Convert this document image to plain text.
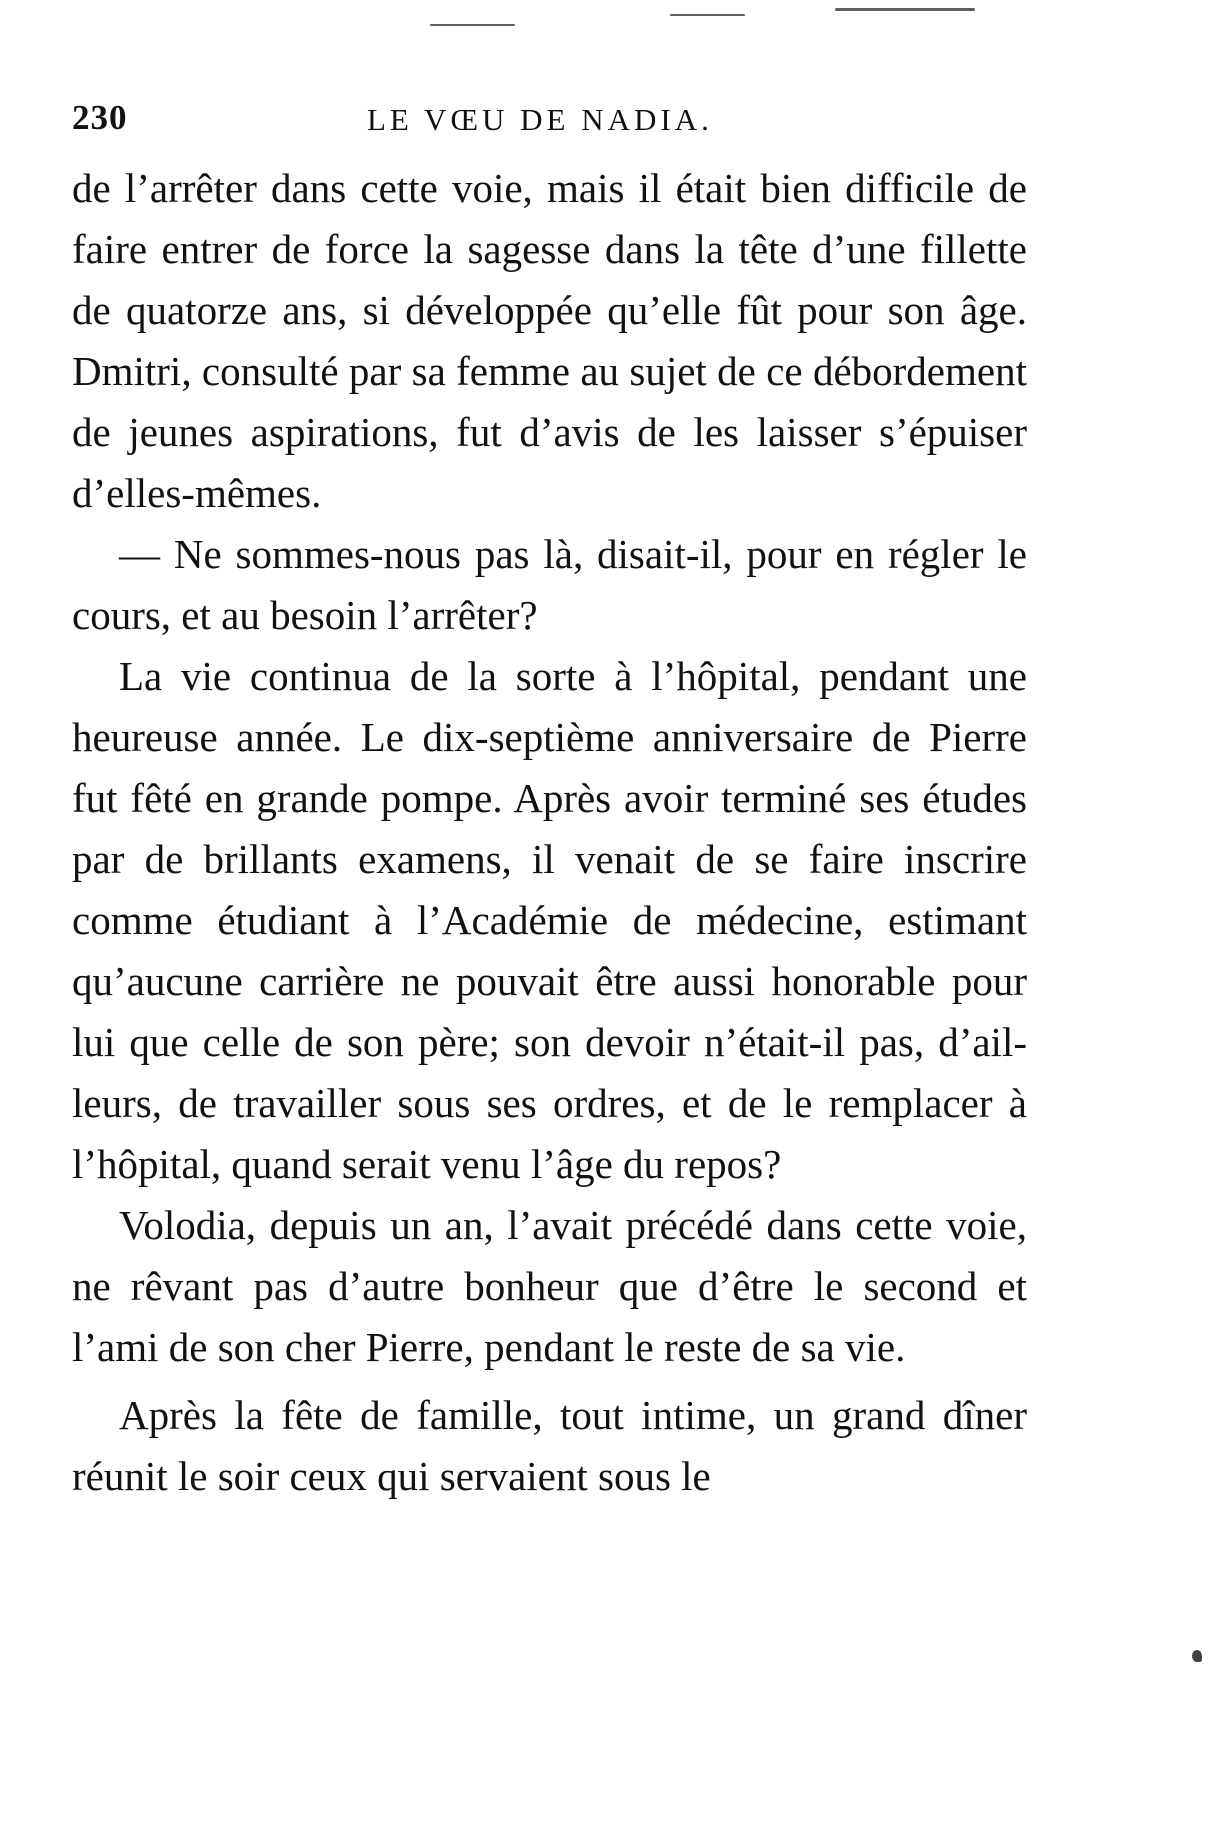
230	LE VŒU DE NADIA.

de l’arrêter dans cette voie, mais il était bien difficile de faire entrer de force la sagesse dans la tête d’une fillette de quatorze ans, si développée qu’elle fût pour son âge. Dmitri, consulté par sa femme au sujet de ce débordement de jeunes aspirations, fut d’avis de les laisser s’épuiser d’elles-mêmes.

— Ne sommes-nous pas là, disait-il, pour en régler le cours, et au besoin l’arrêter?

La vie continua de la sorte à l’hôpital, pendant une heureuse année. Le dix-septième anniversaire de Pierre fut fêté en grande pompe. Après avoir terminé ses études par de brillants examens, il venait de se faire inscrire comme étudiant à l’Académie de médecine, estimant qu’aucune carrière ne pouvait être aussi honorable pour lui que celle de son père; son devoir n’était-il pas, d’ailleurs, de travailler sous ses ordres, et de le remplacer à l’hôpital, quand serait venu l’âge du repos?

Volodia, depuis un an, l’avait précédé dans cette voie, ne rêvant pas d’autre bonheur que d’être le second et l’ami de son cher Pierre, pendant le reste de sa vie.

Après la fête de famille, tout intime, un grand dîner réunit le soir ceux qui servaient sous le
